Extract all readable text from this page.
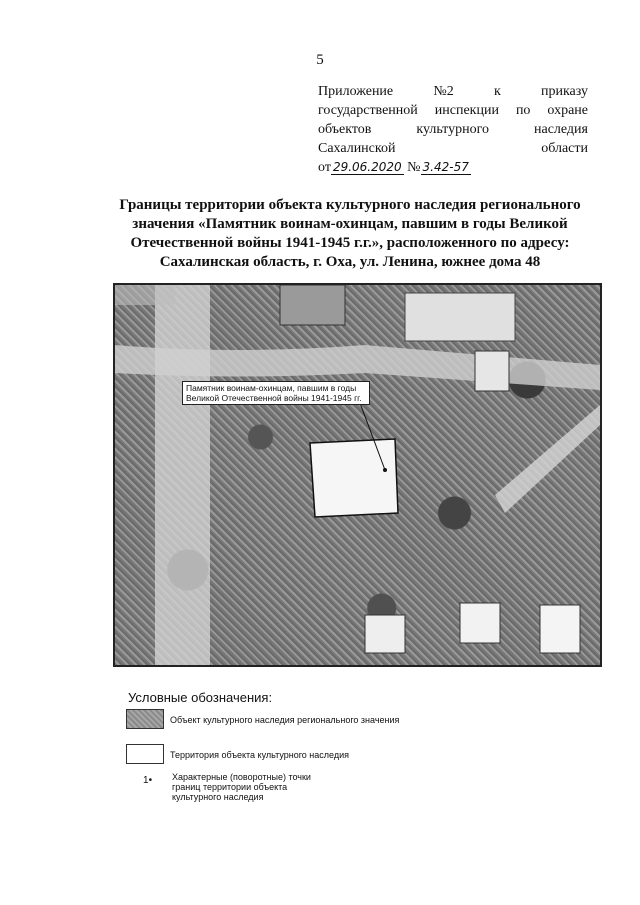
5
Приложение	№2	к	приказу
государственной инспекции по охране
объектов	культурного	наследия
Сахалинской	области
от 29.06.2020 № 3.42-57
Границы территории объекта культурного наследия регионального
значения «Памятник воинам-охинцам, павшим в годы Великой
Отечественной войны 1941-1945 г.г.», расположенного по адресу:
Сахалинская область, г. Оха, ул. Ленина, южнее дома 48
Памятник воинам-охинцам, павшим в годы
Великой Отечественной войны 1941-1945 гг.
Условные обозначения:
Объект культурного наследия регионального значения
Территория объекта культурного наследия
1• Характерные (поворотные) точки
границ территории объекта
культурного наследия
